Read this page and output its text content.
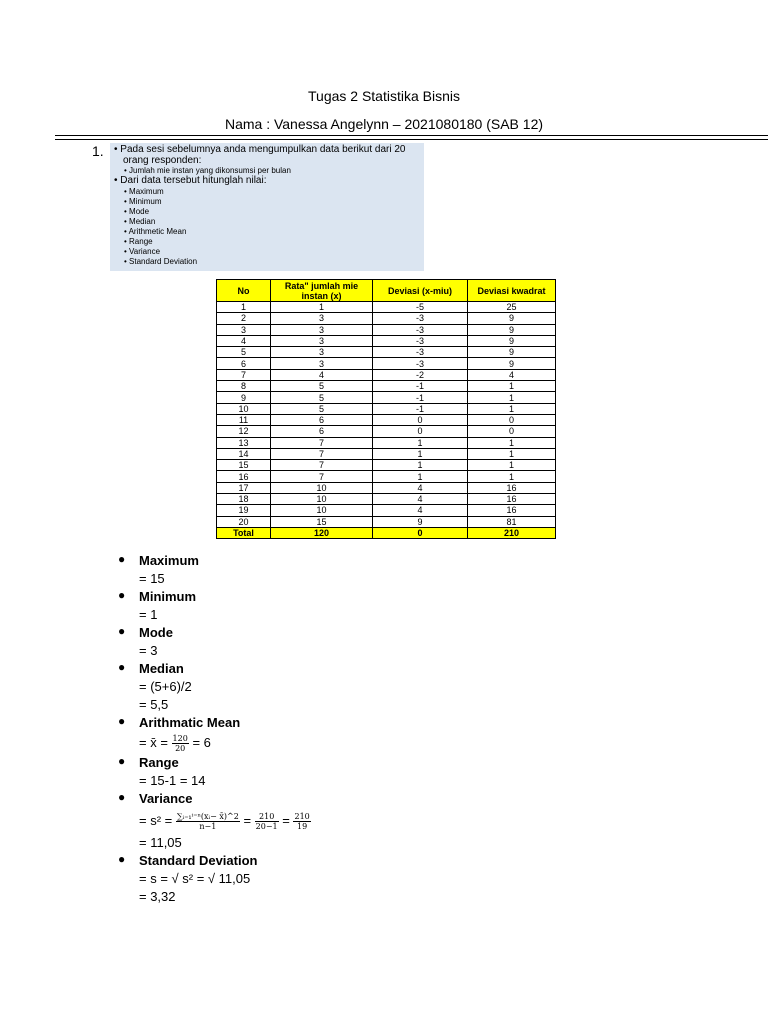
Tugas 2 Statistika Bisnis
Nama : Vanessa Angelynn – 2021080180 (SAB 12)
1. • Pada sesi sebelumnya anda mengumpulkan data berikut dari 20 orang responden:
• Jumlah mie instan yang dikonsumsi per bulan
• Dari data tersebut hitunglah nilai:
• Maximum
• Minimum
• Mode
• Median
• Arithmetic Mean
• Range
• Variance
• Standard Deviation
No	Rata" jumlah mie instan (x)	Deviasi (x-miu)	Deviasi kwadrat
1	1	-5	25
2	3	-3	9
3	3	-3	9
4	3	-3	9
5	3	-3	9
6	3	-3	9
7	4	-2	4
8	5	-1	1
9	5	-1	1
10	5	-1	1
11	6	0	0
12	6	0	0
13	7	1	1
14	7	1	1
15	7	1	1
16	7	1	1
17	10	4	16
18	10	4	16
19	10	4	16
20	15	9	81
Total	120	0	210
● Maximum
= 15
● Minimum
= 1
● Mode
= 3
● Median
= (5+6)/2
= 5,5
● Arithmatic Mean
= x̄ = $\frac{120}{20} = 6$
● Range
= 15-1 = 14
● Variance
= $s^2 = \frac{\text{∑ᵢ₌₁ⁱ⁼ⁿ(xᵢ− x̄)\textasciicircum{}2}}{n-1} = \frac{210}{20-1} = \frac{210}{19}$
= 11,05
● Standard Deviation
= s = √ s² = √ 11,05
= 3,32
